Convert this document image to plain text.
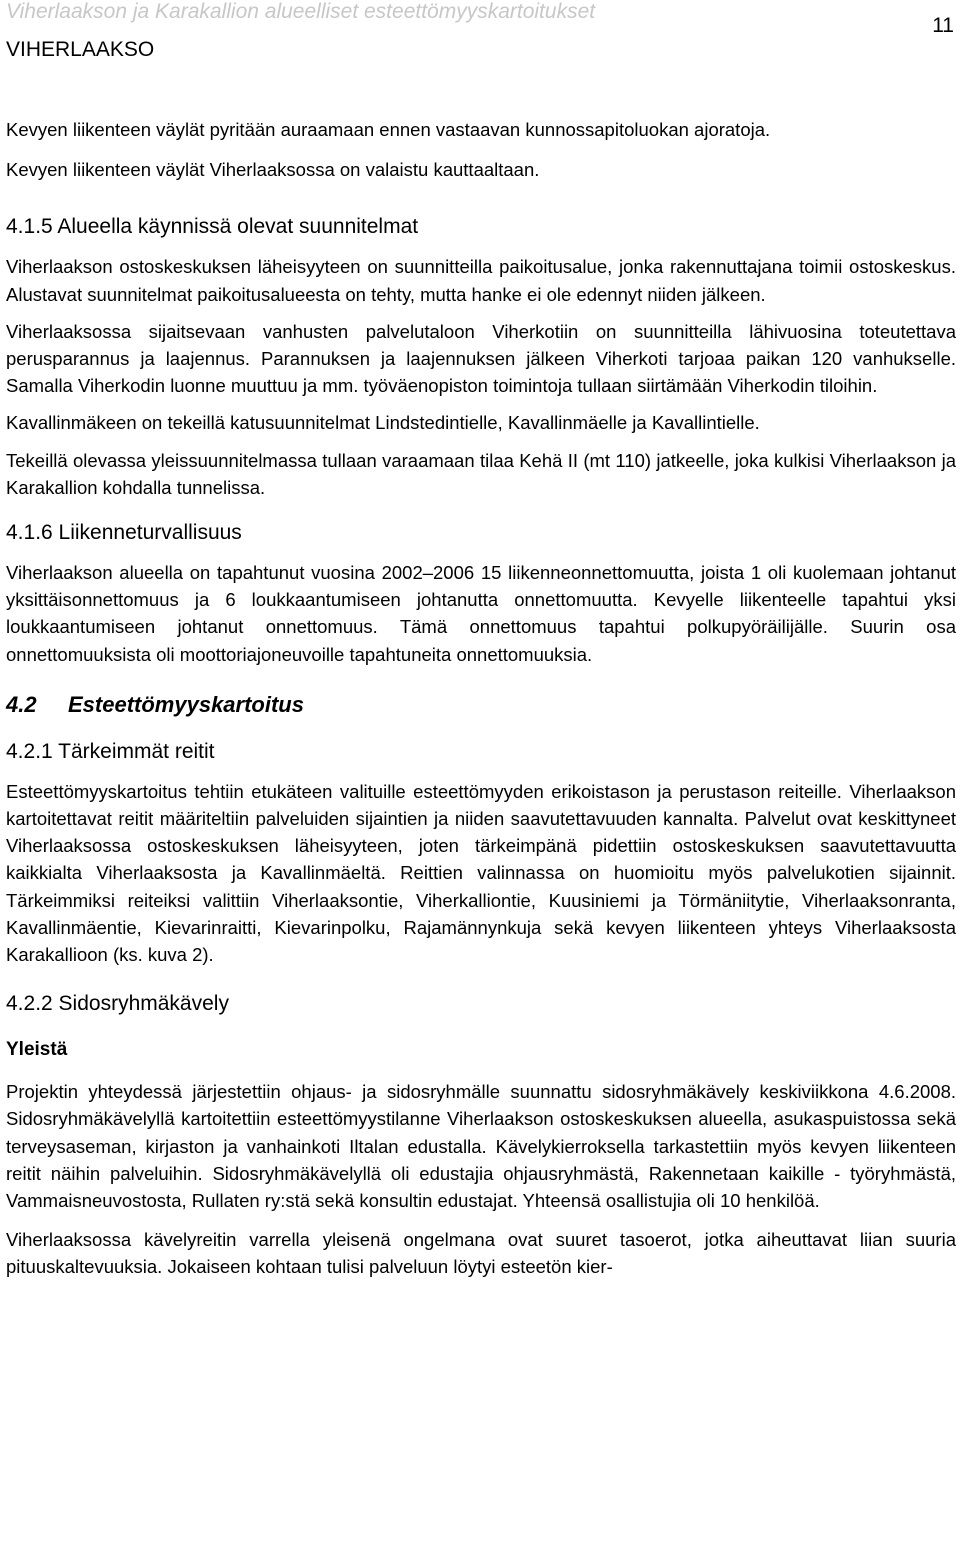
Viherlaakson ja Karakallion alueelliset esteettömyyskartoitukset
11
VIHERLAAKSO

Kevyen liikenteen väylät pyritään auraamaan ennen vastaavan kunnossapitoluokan ajoratoja.

Kevyen liikenteen väylät Viherlaaksossa on valaistu kauttaaltaan.

4.1.5 Alueella käynnissä olevat suunnitelmat

Viherlaakson ostoskeskuksen läheisyyteen on suunnitteilla paikoitusalue, jonka rakennuttajana toimii ostoskeskus. Alustavat suunnitelmat paikoitusalueesta on tehty, mutta hanke ei ole edennyt niiden jälkeen.

Viherlaaksossa sijaitsevaan vanhusten palvelutaloon Viherkotiin on suunnitteilla lähivuosina toteutettava perusparannus ja laajennus. Parannuksen ja laajennuksen jälkeen Viherkoti tarjoaa paikan 120 vanhukselle. Samalla Viherkodin luonne muuttuu ja mm. työväenopiston toimintoja tullaan siirtämään Viherkodin tiloihin.

Kavallinmäkeen on tekeillä katusuunnitelmat Lindstedintielle, Kavallinmäelle ja Kavallintielle.

Tekeillä olevassa yleissuunnitelmassa tullaan varaamaan tilaa Kehä II (mt 110) jatkeelle, joka kulkisi Viherlaakson ja Karakallion kohdalla tunnelissa.

4.1.6 Liikenneturvallisuus

Viherlaakson alueella on tapahtunut vuosina 2002–2006 15 liikenneonnettomuutta, joista 1 oli kuolemaan johtanut yksittäisonnettomuus ja 6 loukkaantumiseen johtanutta onnettomuutta. Kevyelle liikenteelle tapahtui yksi loukkaantumiseen johtanut onnettomuus. Tämä onnettomuus tapahtui polkupyöräilijälle. Suurin osa onnettomuuksista oli moottoriajoneuvoille tapahtuneita onnettomuuksia.

4.2 Esteettömyyskartoitus
4.2.1 Tärkeimmät reitit

Esteettömyyskartoitus tehtiin etukäteen valituille esteettömyyden erikoistason ja perustason reiteille. Viherlaakson kartoitettavat reitit määriteltiin palveluiden sijaintien ja niiden saavutettavuuden kannalta. Palvelut ovat keskittyneet Viherlaaksossa ostoskeskuksen läheisyyteen, joten tärkeimpänä pidettiin ostoskeskuksen saavutettavuutta kaikkialta Viherlaaksosta ja Kavallinmäeltä. Reittien valinnassa on huomioitu myös palvelukotien sijainnit. Tärkeimmiksi reiteiksi valittiin Viherlaaksontie, Viherkalliontie, Kuusiniemi ja Törmäniitytie, Viherlaaksonranta, Kavallinmäentie, Kievarinraitti, Kievarinpolku, Rajamännynkuja sekä kevyen liikenteen yhteys Viherlaaksosta Karakallioon (ks. kuva 2).

4.2.2 Sidosryhmäkävely
Yleistä

Projektin yhteydessä järjestettiin ohjaus- ja sidosryhmälle suunnattu sidosryhmäkävely keskiviikkona 4.6.2008. Sidosryhmäkävelyllä kartoitettiin esteettömyystilanne Viherlaakson ostoskeskuksen alueella, asukaspuistossa sekä terveysaseman, kirjaston ja vanhainkoti Iltalan edustalla. Kävelykierroksella tarkastettiin myös kevyen liikenteen reitit näihin palveluihin. Sidosryhmäkävelyllä oli edustajia ohjausryhmästä, Rakennetaan kaikille - työryhmästä, Vammaisneuvostosta, Rullaten ry:stä sekä konsultin edustajat. Yhteensä osallistujia oli 10 henkilöä.

Viherlaaksossa kävelyreitin varrella yleisenä ongelmana ovat suuret tasoerot, jotka aiheuttavat liian suuria pituuskaltevuuksia. Jokaiseen kohtaan tulisi palveluun löytyi esteetön kier-
